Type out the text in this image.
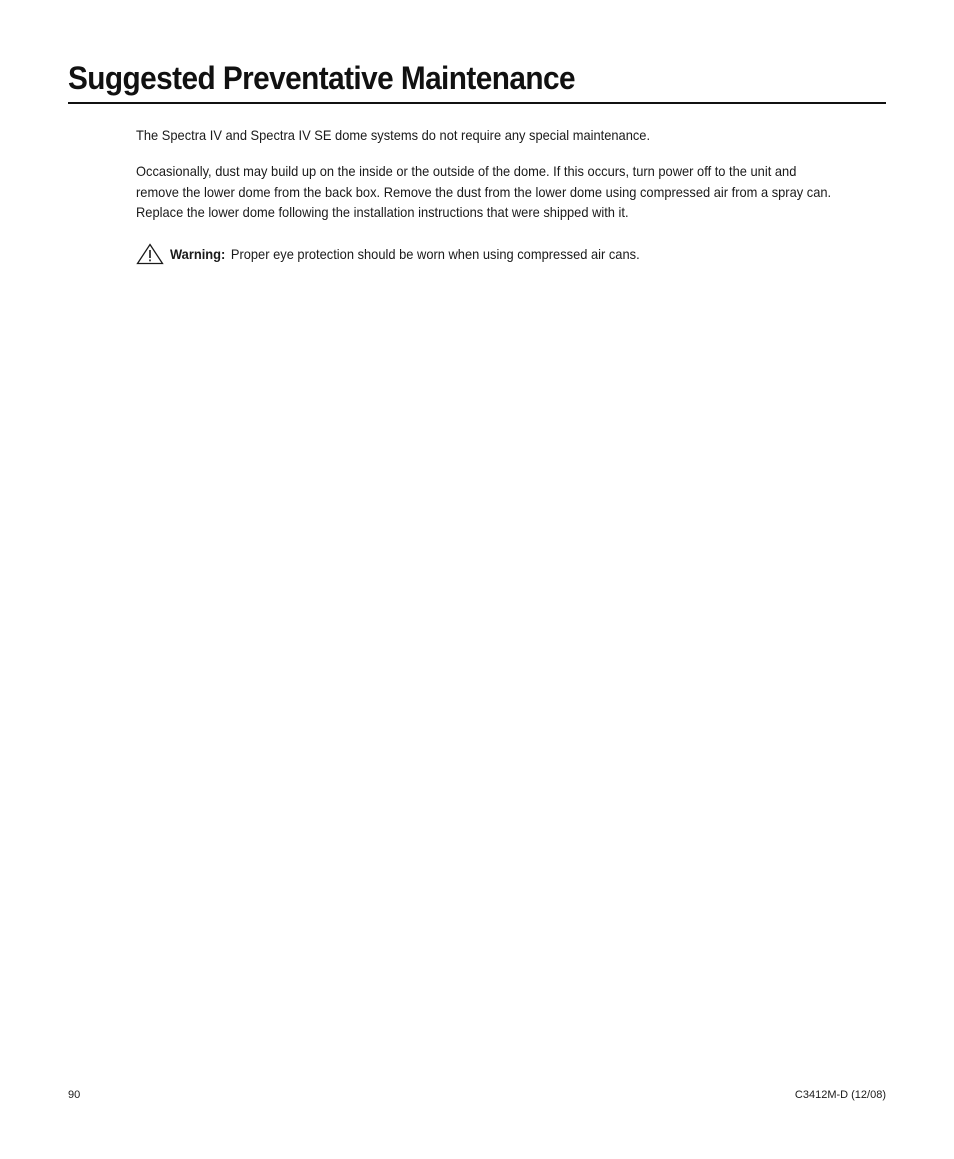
Suggested Preventative Maintenance

The Spectra IV and Spectra IV SE dome systems do not require any special maintenance.

Occasionally, dust may build up on the inside or the outside of the dome. If this occurs, turn power off to the unit and remove the lower dome from the back box. Remove the dust from the lower dome using compressed air from a spray can. Replace the lower dome following the installation instructions that were shipped with it.

Warning: Proper eye protection should be worn when using compressed air cans.
90	C3412M-D (12/08)
